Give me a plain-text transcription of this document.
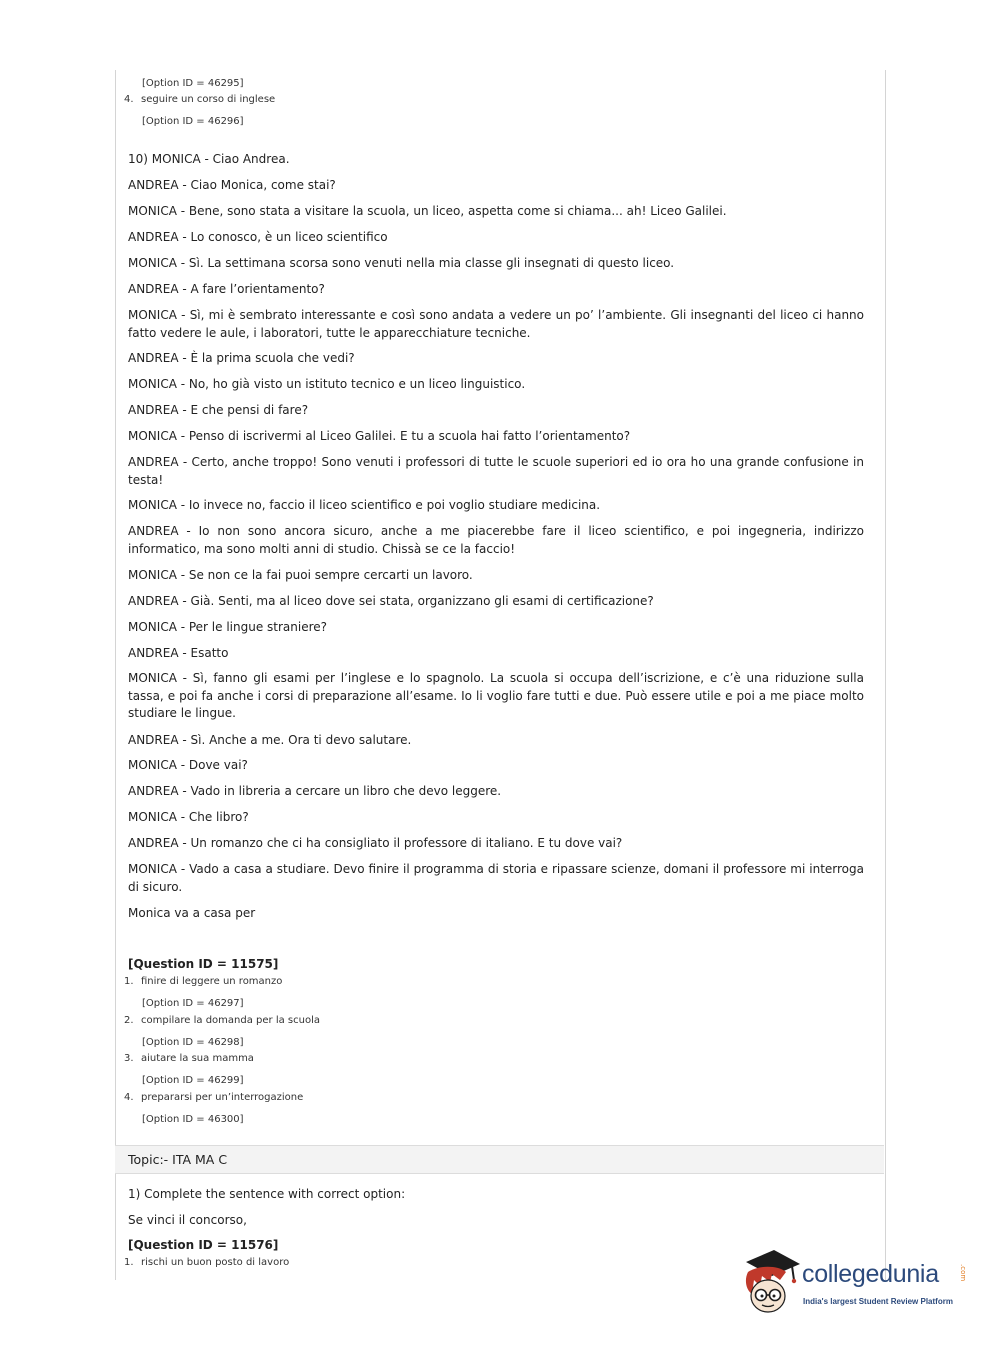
[Option ID = 46295]
4. seguire un corso di inglese
[Option ID = 46296]
10) MONICA - Ciao Andrea.
ANDREA - Ciao Monica, come stai?
MONICA - Bene, sono stata a visitare la scuola, un liceo, aspetta come si chiama... ah! Liceo Galilei.
ANDREA - Lo conosco, è un liceo scientifico
MONICA - Sì. La settimana scorsa sono venuti nella mia classe gli insegnati di questo liceo.
ANDREA - A fare l’orientamento?
MONICA - Sì, mi è sembrato interessante e così sono andata a vedere un po’ l’ambiente. Gli insegnanti del liceo ci hanno fatto vedere le aule, i laboratori, tutte le apparecchiature tecniche.
ANDREA - È la prima scuola che vedi?
MONICA - No, ho già visto un istituto tecnico e un liceo linguistico.
ANDREA - E che pensi di fare?
MONICA - Penso di iscrivermi al Liceo Galilei. E tu a scuola hai fatto l’orientamento?
ANDREA - Certo, anche troppo! Sono venuti i professori di tutte le scuole superiori ed io ora ho una grande confusione in testa!
MONICA - Io invece no, faccio il liceo scientifico e poi voglio studiare medicina.
ANDREA - Io non sono ancora sicuro, anche a me piacerebbe fare il liceo scientifico, e poi ingegneria, indirizzo informatico, ma sono molti anni di studio. Chissà se ce la faccio!
MONICA - Se non ce la fai puoi sempre cercarti un lavoro.
ANDREA - Già. Senti, ma al liceo dove sei stata, organizzano gli esami di certificazione?
MONICA - Per le lingue straniere?
ANDREA - Esatto
MONICA - Sì, fanno gli esami per l’inglese e lo spagnolo. La scuola si occupa dell’iscrizione, e c’è una riduzione sulla tassa, e poi fa anche i corsi di preparazione all’esame. Io li voglio fare tutti e due. Può essere utile e poi a me piace molto studiare le lingue.
ANDREA - Sì. Anche a me. Ora ti devo salutare.
MONICA - Dove vai?
ANDREA - Vado in libreria a cercare un libro che devo leggere.
MONICA - Che libro?
ANDREA - Un romanzo che ci ha consigliato il professore di italiano. E tu dove vai?
MONICA - Vado a casa a studiare. Devo finire il programma di storia e ripassare scienze, domani il professore mi interroga di sicuro.
Monica va a casa per
[Question ID = 11575]
1. finire di leggere un romanzo
[Option ID = 46297]
2. compilare la domanda per la scuola
[Option ID = 46298]
3. aiutare la sua mamma
[Option ID = 46299]
4. prepararsi per un’interrogazione
[Option ID = 46300]
Topic:- ITA MA C
1) Complete the sentence with correct option:
Se vinci il concorso,
[Question ID = 11576]
1. rischi un buon posto di lavoro	collegedunia	.com
India's largest Student Review Platform
